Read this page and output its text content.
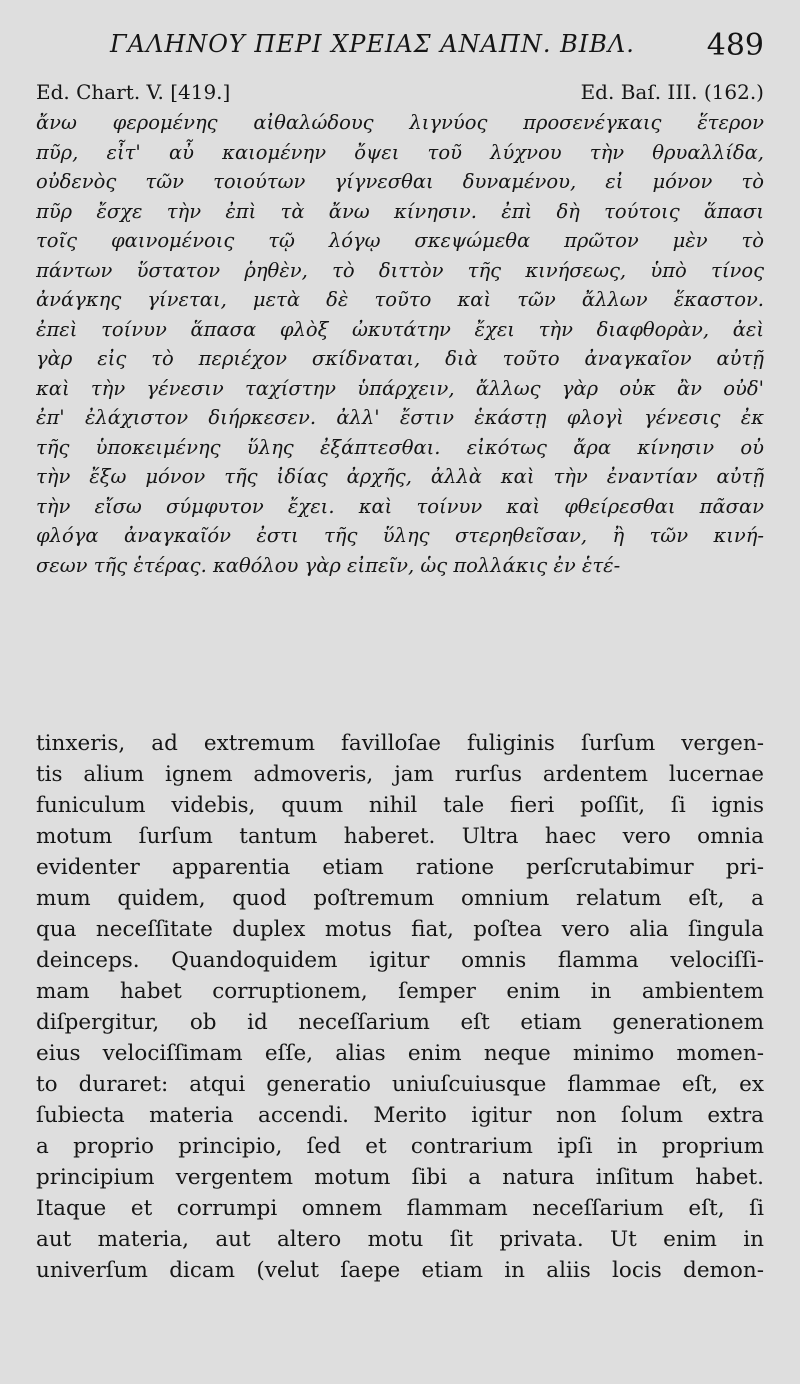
ΓΑΛΗΝΟΥ ΠΕΡΙ ΧΡΕΙΑΣ ΑΝΑΠΝ. ΒΙΒΛ.	489
Ed. Chart. V. [419.]	Ed. Baſ. III. (162.)
ἄνω φερομένης αἰθαλώδους λιγνύος προσενέγκαις ἕτερον
πῦρ, εἶτ' αὖ καιομένην ὄψει τοῦ λύχνου τὴν θρυαλλίδα,
οὐδενὸς τῶν τοιούτων γίγνεσθαι δυναμένου, εἰ μόνον τὸ
πῦρ ἔσχε τὴν ἐπὶ τὰ ἄνω κίνησιν. ἐπὶ δὴ τούτοις ἅπασι
τοῖς φαινομένοις τῷ λόγῳ σκεψώμεθα πρῶτον μὲν τὸ
πάντων ὕστατον ῥηθὲν, τὸ διττὸν τῆς κινήσεως, ὑπὸ τίνος
ἀνάγκης γίνεται, μετὰ δὲ τοῦτο καὶ τῶν ἄλλων ἕκαστον.
ἐπεὶ τοίνυν ἅπασα φλὸξ ὠκυτάτην ἔχει τὴν διαφθορὰν, ἀεὶ
γὰρ εἰς τὸ περιέχον σκίδναται, διὰ τοῦτο ἀναγκαῖον αὐτῇ
καὶ τὴν γένεσιν ταχίστην ὑπάρχειν, ἄλλως γὰρ οὐκ ἂν οὐδ'
ἐπ' ἐλάχιστον διήρκεσεν. ἀλλ' ἔστιν ἑκάστῃ φλογὶ γένεσις ἐκ
τῆς ὑποκειμένης ὕλης ἐξάπτεσθαι. εἰκότως ἄρα κίνησιν οὐ
τὴν ἔξω μόνον τῆς ἰδίας ἀρχῆς, ἀλλὰ καὶ τὴν ἐναντίαν αὐτῇ
τὴν εἴσω σύμφυτον ἔχει. καὶ τοίνυν καὶ φθείρεσθαι πᾶσαν
φλόγα ἀναγκαῖόν ἐστι τῆς ὕλης στερηθεῖσαν, ἢ τῶν κινή-
σεων τῆς ἑτέρας. καθόλου γὰρ εἰπεῖν, ὡς πολλάκις ἐν ἑτέ-
tinxeris, ad extremum favilloſae fuliginis ſurſum vergen-
tis alium ignem admoveris, jam rurſus ardentem lucernae
funiculum videbis, quum nihil tale fieri poſſit, ſi ignis
motum ſurſum tantum haberet. Ultra haec vero omnia
evidenter apparentia etiam ratione perſcrutabimur pri-
mum quidem, quod poſtremum omnium relatum eſt, a
qua neceſſitate duplex motus fiat, poſtea vero alia ſingula
deinceps. Quandoquidem igitur omnis flamma velociſſi-
mam habet corruptionem, ſemper enim in ambientem
diſpergitur, ob id neceſſarium eſt etiam generationem
eius velociſſimam eſſe, alias enim neque minimo momen-
to duraret: atqui generatio uniuſcuiusque flammae eſt, ex
ſubiecta materia accendi. Merito igitur non ſolum extra
a proprio principio, ſed et contrarium ipſi in proprium
principium vergentem motum ſibi a natura inſitum habet.
Itaque et corrumpi omnem flammam neceſſarium eſt, ſi
aut materia, aut altero motu ſit privata. Ut enim in
univerſum dicam (velut ſaepe etiam in aliis locis demon-
